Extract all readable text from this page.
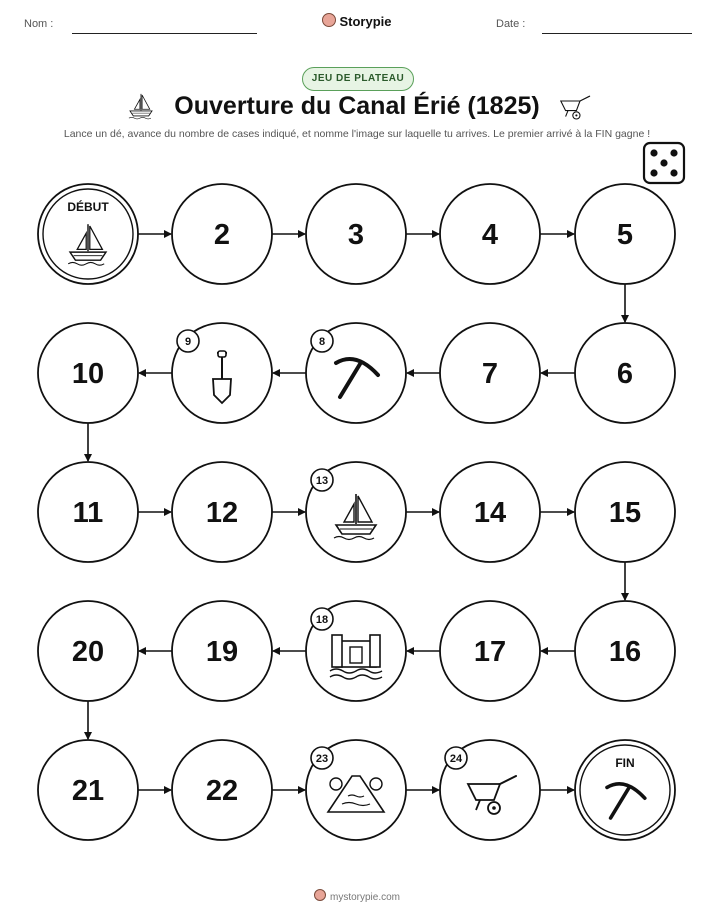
Nom :	Storypie	Date :
JEU DE PLATEAU
Ouverture du Canal Érié (1825)
Lance un dé, avance du nombre de cases indiqué, et nomme l'image sur laquelle tu arrives. Le premier arrivé à la FIN gagne !
DÉBUT
2	3	4	5
6
7
8
9
10
11	12
13
14	15
16
17
18
19
20
21	22
23	24	FIN
mystorypie.com
